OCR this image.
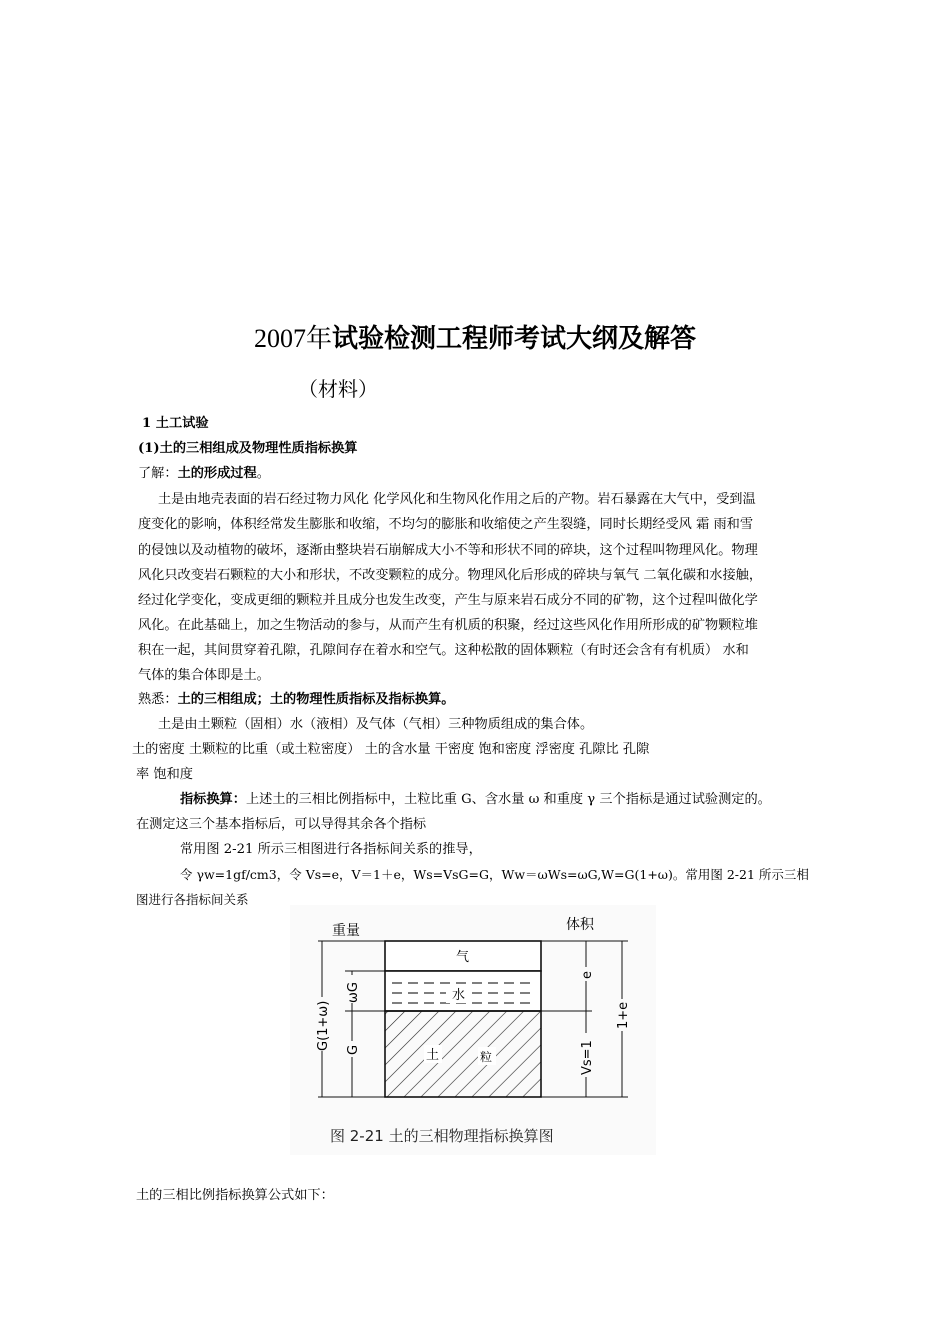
2007年试验检测工程师考试大纲及解答
（材料）
1 土工试验
(1)土的三相组成及物理性质指标换算
了解：土的形成过程。
土是由地壳表面的岩石经过物力风化 化学风化和生物风化作用之后的产物。岩石暴露在大气中，受到温
度变化的影响，体积经常发生膨胀和收缩，不均匀的膨胀和收缩使之产生裂缝，同时长期经受风 霜 雨和雪
的侵蚀以及动植物的破坏，逐渐由整块岩石崩解成大小不等和形状不同的碎块，这个过程叫物理风化。物理
风化只改变岩石颗粒的大小和形状，不改变颗粒的成分。物理风化后形成的碎块与氧气 二氧化碳和水接触，
经过化学变化，变成更细的颗粒并且成分也发生改变，产生与原来岩石成分不同的矿物，这个过程叫做化学
风化。在此基础上，加之生物活动的参与，从而产生有机质的积聚，经过这些风化作用所形成的矿物颗粒堆
积在一起，其间贯穿着孔隙，孔隙间存在着水和空气。这种松散的固体颗粒（有时还会含有有机质） 水和
气体的集合体即是土。
熟悉：土的三相组成；土的物理性质指标及指标换算。
土是由土颗粒（固相）水（液相）及气体（气相）三种物质组成的集合体。
土的密度 土颗粒的比重（或土粒密度） 土的含水量 干密度 饱和密度 浮密度 孔隙比 孔隙
率 饱和度
指标换算：上述土的三相比例指标中，土粒比重 G、含水量 ω 和重度 γ 三个指标是通过试验测定的。
在测定这三个基本指标后，可以导得其余各个指标
常用图 2-21 所示三相图进行各指标间关系的推导，
令 γw=1gf/cm3，令 Vs=e，V＝1＋e，Ws=VsG=G，Ww＝ωWs=ωG,W=G(1+ω)。常用图 2-21 所示三相
图进行各指标间关系
重量	体积
气
水
土	粒
G(1+ω)
ωG
G
e
Vs=1
1+e
图 2-21 土的三相物理指标换算图
土的三相比例指标换算公式如下：
